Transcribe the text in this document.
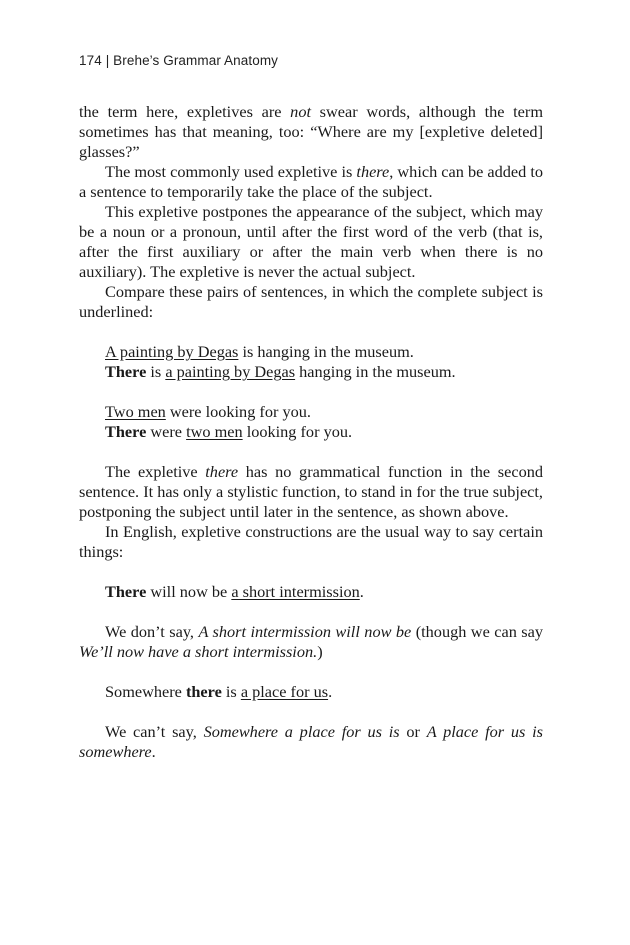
174 | Brehe’s Grammar Anatomy

the term here, expletives are not swear words, although the term sometimes has that meaning, too: “Where are my [expletive deleted] glasses?”

The most commonly used expletive is there, which can be added to a sentence to temporarily take the place of the subject.

This expletive postpones the appearance of the subject, which may be a noun or a pronoun, until after the first word of the verb (that is, after the first auxiliary or after the main verb when there is no auxiliary). The expletive is never the actual subject.

Compare these pairs of sentences, in which the complete subject is underlined:

A painting by Degas is hanging in the museum.

There is a painting by Degas hanging in the museum.

Two men were looking for you.

There were two men looking for you.

The expletive there has no grammatical function in the second sentence. It has only a stylistic function, to stand in for the true subject, postponing the subject until later in the sentence, as shown above.

In English, expletive constructions are the usual way to say certain things:

There will now be a short intermission.

We don’t say, A short intermission will now be (though we can say We’ll now have a short intermission.)

Somewhere there is a place for us.

We can’t say, Somewhere a place for us is or A place for us is somewhere.
